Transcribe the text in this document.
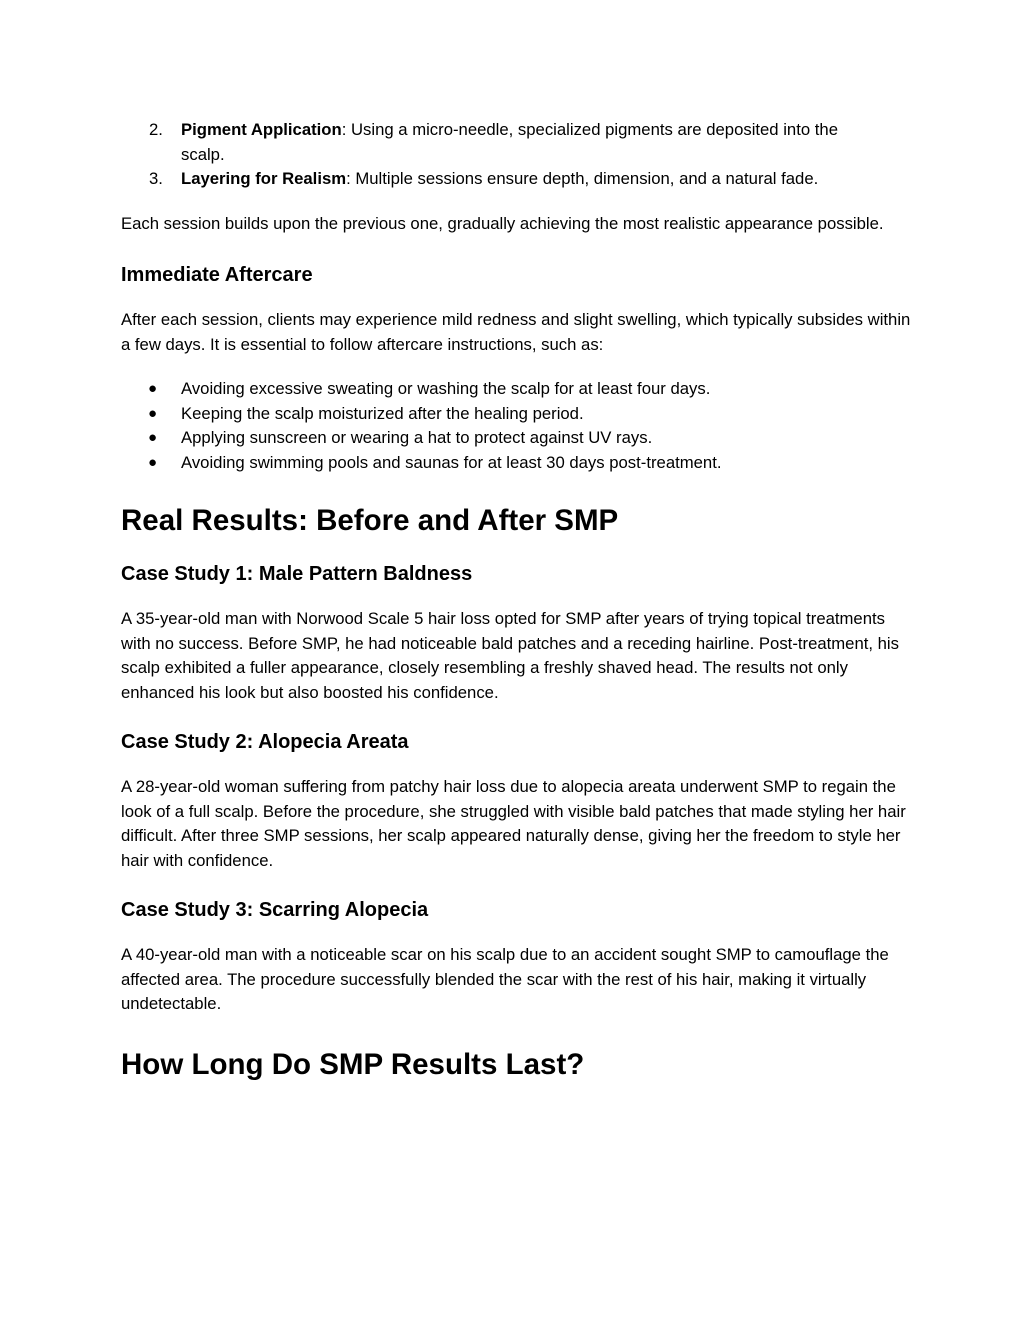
2.	Pigment Application: Using a micro-needle, specialized pigments are deposited into the scalp.
3.	Layering for Realism: Multiple sessions ensure depth, dimension, and a natural fade.

Each session builds upon the previous one, gradually achieving the most realistic appearance possible.

Immediate Aftercare

After each session, clients may experience mild redness and slight swelling, which typically subsides within a few days. It is essential to follow aftercare instructions, such as:

●	Avoiding excessive sweating or washing the scalp for at least four days.
●	Keeping the scalp moisturized after the healing period.
●	Applying sunscreen or wearing a hat to protect against UV rays.
●	Avoiding swimming pools and saunas for at least 30 days post-treatment.
Real Results: Before and After SMP
Case Study 1: Male Pattern Baldness

A 35-year-old man with Norwood Scale 5 hair loss opted for SMP after years of trying topical treatments with no success. Before SMP, he had noticeable bald patches and a receding hairline. Post-treatment, his scalp exhibited a fuller appearance, closely resembling a freshly shaved head. The results not only enhanced his look but also boosted his confidence.

Case Study 2: Alopecia Areata

A 28-year-old woman suffering from patchy hair loss due to alopecia areata underwent SMP to regain the look of a full scalp. Before the procedure, she struggled with visible bald patches that made styling her hair difficult. After three SMP sessions, her scalp appeared naturally dense, giving her the freedom to style her hair with confidence.

Case Study 3: Scarring Alopecia

A 40-year-old man with a noticeable scar on his scalp due to an accident sought SMP to camouflage the affected area. The procedure successfully blended the scar with the rest of his hair, making it virtually undetectable.

How Long Do SMP Results Last?
